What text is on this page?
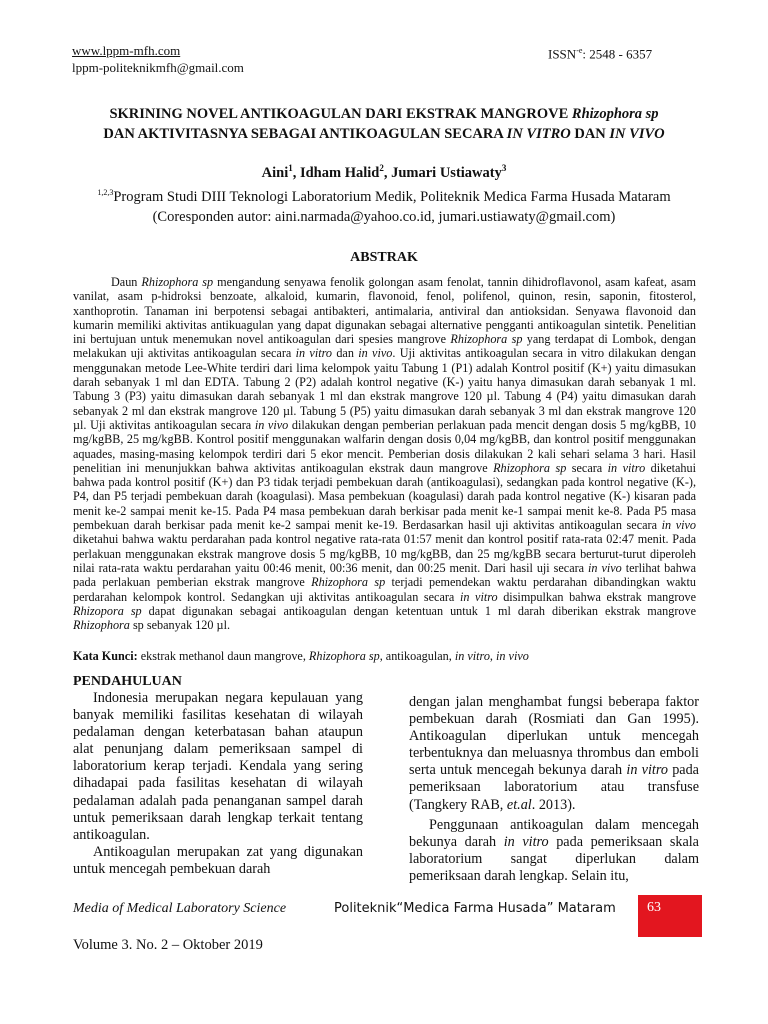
www.lppm-mfh.com
lppm-politeknikmfh@gmail.com
$ISSN^{-e}$: 2548 - 6357
SKRINING NOVEL ANTIKOAGULAN DARI EKSTRAK MANGROVE Rhizophora sp
DAN AKTIVITASNYA SEBAGAI ANTIKOAGULAN SECARA IN VITRO DAN IN VIVO
Aini$^1$, Idham Halid$^2$, Jumari Ustiawaty$^3$
$^{1,2,3}$Program Studi DIII Teknologi Laboratorium Medik, Politeknik Medica Farma Husada Mataram
(Coresponden autor: aini.narmada@yahoo.co.id, jumari.ustiawaty@gmail.com)
ABSTRAK

Daun Rhizophora sp mengandung senyawa fenolik golongan asam fenolat, tannin dihidroflavonol, asam kafeat, asam vanilat, asam p-hidroksi benzoate, alkaloid, kumarin, flavonoid, fenol, polifenol, quinon, resin, saponin, fitosterol, xanthoprotin. Tanaman ini berpotensi sebagai antibakteri, antimalaria, antiviral dan antioksidan. Senyawa flavonoid dan kumarin memiliki aktivitas antikuagulan yang dapat digunakan sebagai alternative pengganti antikoagulan sintetik. Penelitian ini bertujuan untuk menemukan novel antikoagulan dari spesies mangrove Rhizophora sp yang terdapat di Lombok, dengan melakukan uji aktivitas antikoagulan secara in vitro dan in vivo. Uji aktivitas antikoagulan secara in vitro dilakukan dengan menggunakan metode Lee-White terdiri dari lima kelompok yaitu Tabung 1 (P1) adalah Kontrol positif (K+) yaitu dimasukan darah sebanyak 1 ml dan EDTA. Tabung 2 (P2) adalah kontrol negative (K-) yaitu hanya dimasukan darah sebanyak 1 ml. Tabung 3 (P3) yaitu dimasukan darah sebanyak 1 ml dan ekstrak mangrove 120 µl. Tabung 4 (P4) yaitu dimasukan darah sebanyak 2 ml dan ekstrak mangrove 120 µl. Tabung 5 (P5) yaitu dimasukan darah sebanyak 3 ml dan ekstrak mangrove 120 µl. Uji aktivitas antikoagulan secara in vivo dilakukan dengan pemberian perlakuan pada mencit dengan dosis 5 mg/kgBB, 10 mg/kgBB, 25 mg/kgBB. Kontrol positif menggunakan walfarin dengan dosis 0,04 mg/kgBB, dan kontrol positif menggunakan aquades, masing-masing kelompok terdiri dari 5 ekor mencit. Pemberian dosis dilakukan 2 kali sehari selama 3 hari. Hasil penelitian ini menunjukkan bahwa aktivitas antikoagulan ekstrak daun mangrove Rhizophora sp secara in vitro diketahui bahwa pada kontrol positif (K+) dan P3 tidak terjadi pembekuan darah (antikoagulasi), sedangkan pada kontrol negative (K-), P4, dan P5 terjadi pembekuan darah (koagulasi). Masa pembekuan (koagulasi) darah pada kontrol negative (K-) kisaran pada menit ke-2 sampai menit ke-15. Pada P4 masa pembekuan darah berkisar pada menit ke-1 sampai menit ke-8. Pada P5 masa pembekuan darah berkisar pada menit ke-2 sampai menit ke-19. Berdasarkan hasil uji aktivitas antikoagulan secara in vivo diketahui bahwa waktu perdarahan pada kontrol negative rata-rata 01:57 menit dan kontrol positif rata-rata 02:47 menit. Pada perlakuan menggunakan ekstrak mangrove dosis 5 mg/kgBB, 10 mg/kgBB, dan 25 mg/kgBB secara berturut-turut diperoleh nilai rata-rata waktu perdarahan yaitu 00:46 menit, 00:36 menit, dan 00:25 menit. Dari hasil uji secara in vivo terlihat bahwa pada perlakuan pemberian ekstrak mangrove Rhizophora sp terjadi pemendekan waktu perdarahan dibandingkan waktu perdarahan kelompok kontrol. Sedangkan uji aktivitas antikoagulan secara in vitro disimpulkan bahwa ekstrak mangrove Rhizopora sp dapat digunakan sebagai antikoagulan dengan ketentuan untuk 1 ml darah diberikan ekstrak mangrove Rhizophora sp sebanyak 120 µl.

Kata Kunci: ekstrak methanol daun mangrove, Rhizophora sp, antikoagulan, in vitro, in vivo
PENDAHULUAN

Indonesia merupakan negara kepulauan yang banyak memiliki fasilitas kesehatan di wilayah pedalaman dengan keterbatasan bahan ataupun alat penunjang dalam pemeriksaan sampel di laboratorium kerap terjadi. Kendala yang sering dihadapai pada fasilitas kesehatan di wilayah pedalaman adalah pada penanganan sampel darah untuk pemeriksaan darah lengkap terkait tentang antikoagulan.

Antikoagulan merupakan zat yang digunakan untuk mencegah pembekuan darah

dengan jalan menghambat fungsi beberapa faktor pembekuan darah (Rosmiati dan Gan 1995). Antikoagulan diperlukan untuk mencegah terbentuknya dan meluasnya thrombus dan emboli serta untuk mencegah bekunya darah in vitro pada pemeriksaan laboratorium atau transfuse (Tangkery RAB, et.al. 2013).

Penggunaan antikoagulan dalam mencegah bekunya darah in vitro pada pemeriksaan skala laboratorium sangat diperlukan dalam pemeriksaan darah lengkap. Selain itu,

Media of Medical Laboratory Science	Politeknik“Medica Farma Husada” Mataram 63
Volume 3. No. 2 – Oktober 2019
